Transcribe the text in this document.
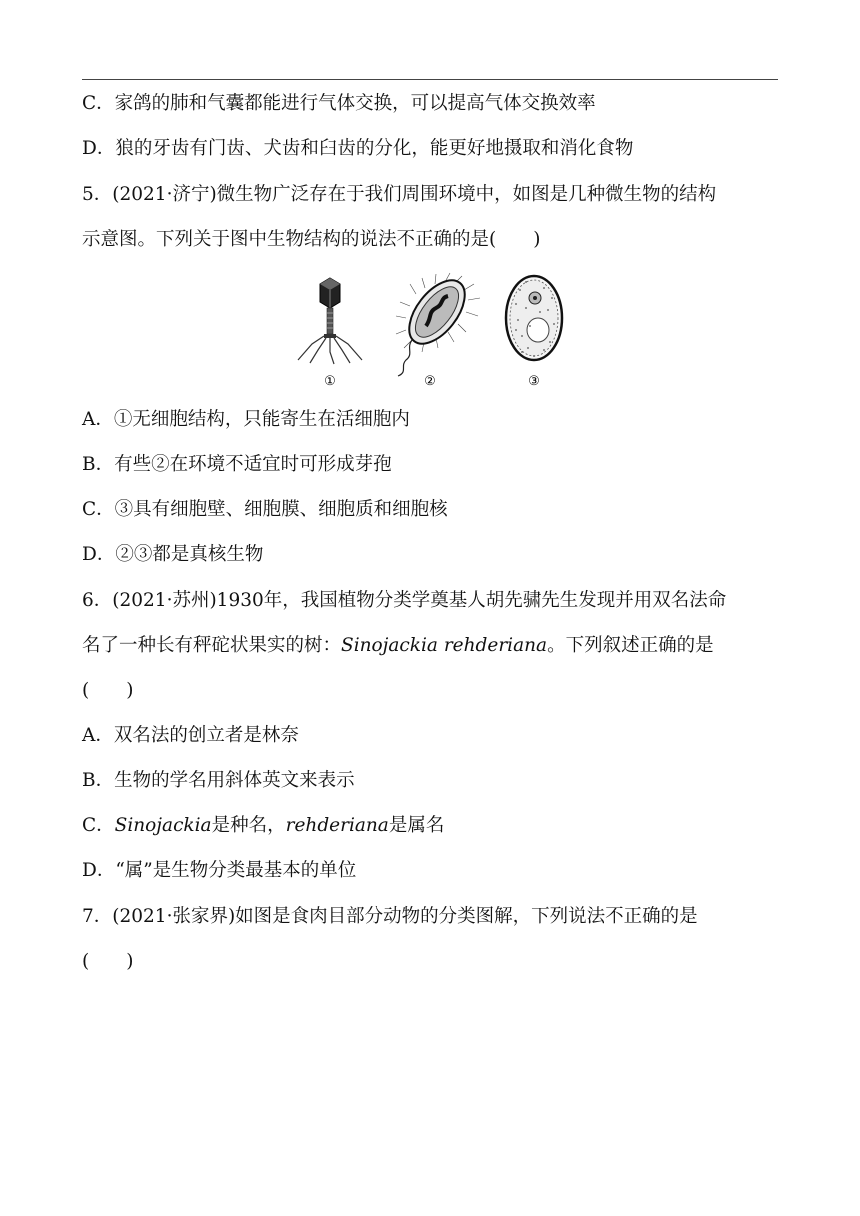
C．家鸽的肺和气囊都能进行气体交换，可以提高气体交换效率
D．狼的牙齿有门齿、犬齿和臼齿的分化，能更好地摄取和消化食物
5．(2021·济宁)微生物广泛存在于我们周围环境中，如图是几种微生物的结构
示意图。下列关于图中生物结构的说法不正确的是(　　)
①	②	③
A．①无细胞结构，只能寄生在活细胞内
B．有些②在环境不适宜时可形成芽孢
C．③具有细胞壁、细胞膜、细胞质和细胞核
D．②③都是真核生物
6．(2021·苏州)1930年，我国植物分类学奠基人胡先骕先生发现并用双名法命
名了一种长有秤砣状果实的树：Sinojackia rehderiana。下列叙述正确的是
(　　)
A．双名法的创立者是林奈
B．生物的学名用斜体英文来表示
C．Sinojackia是种名，rehderiana是属名
D．“属”是生物分类最基本的单位
7．(2021·张家界)如图是食肉目部分动物的分类图解，下列说法不正确的是
(　　)
